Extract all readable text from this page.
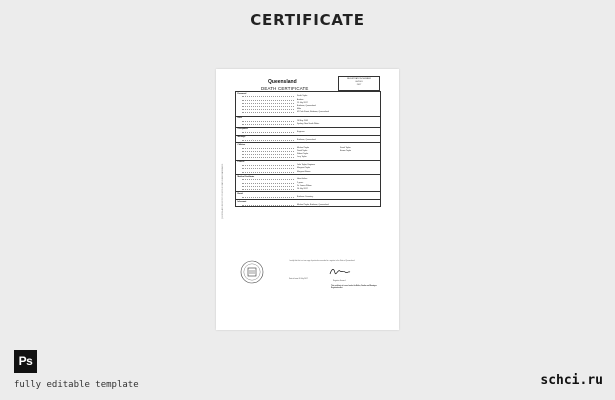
CERTIFICATE
QUEENSLAND REGISTRY OF BIRTHS DEATHS AND MARRIAGES
Queensland
DEATH CERTIFICATE
REGISTRATION NUMBER
00/2001
2017
Deceased
Family name	Smith Taylor
Given names	Andrew
Date of death	15 July 2017
Place of death	Brisbane, Queensland
Sex	Male
Usual residence	42 Park Street, Brisbane, Queensland
Birth
Date of birth	10 May 1945
Place of birth	Sydney, New South Wales
Occupation
Occupation	Engineer
Marriage
Place of marriage	Brisbane, Queensland
Children
Names and ages	Michael Taylor	Sarah Taylor
David Taylor	Emma Taylor
Robert Taylor
Lucy Taylor
Parents
Father	John Taylor, Engineer
Mother	Margaret Taylor
Mother's maiden name	Margaret Brown
Medical Certificate
Cause of death	Heart failure
Duration of last illness	2 years
Medical practitioner	Dr. James Wilson
Date last seen alive	14 July 2017
Burial
Place of burial	Brisbane Cemetery
Informant
Name and address	Michael Taylor, Brisbane, Queensland
I certify that this is a true copy of particulars recorded in a register in the State of Queensland.
Date of issue 20 July 2017
Registrar General
This certificate is issued under the Births, Deaths and Marriages Registration Act
Ps
fully editable template	schci.ru
